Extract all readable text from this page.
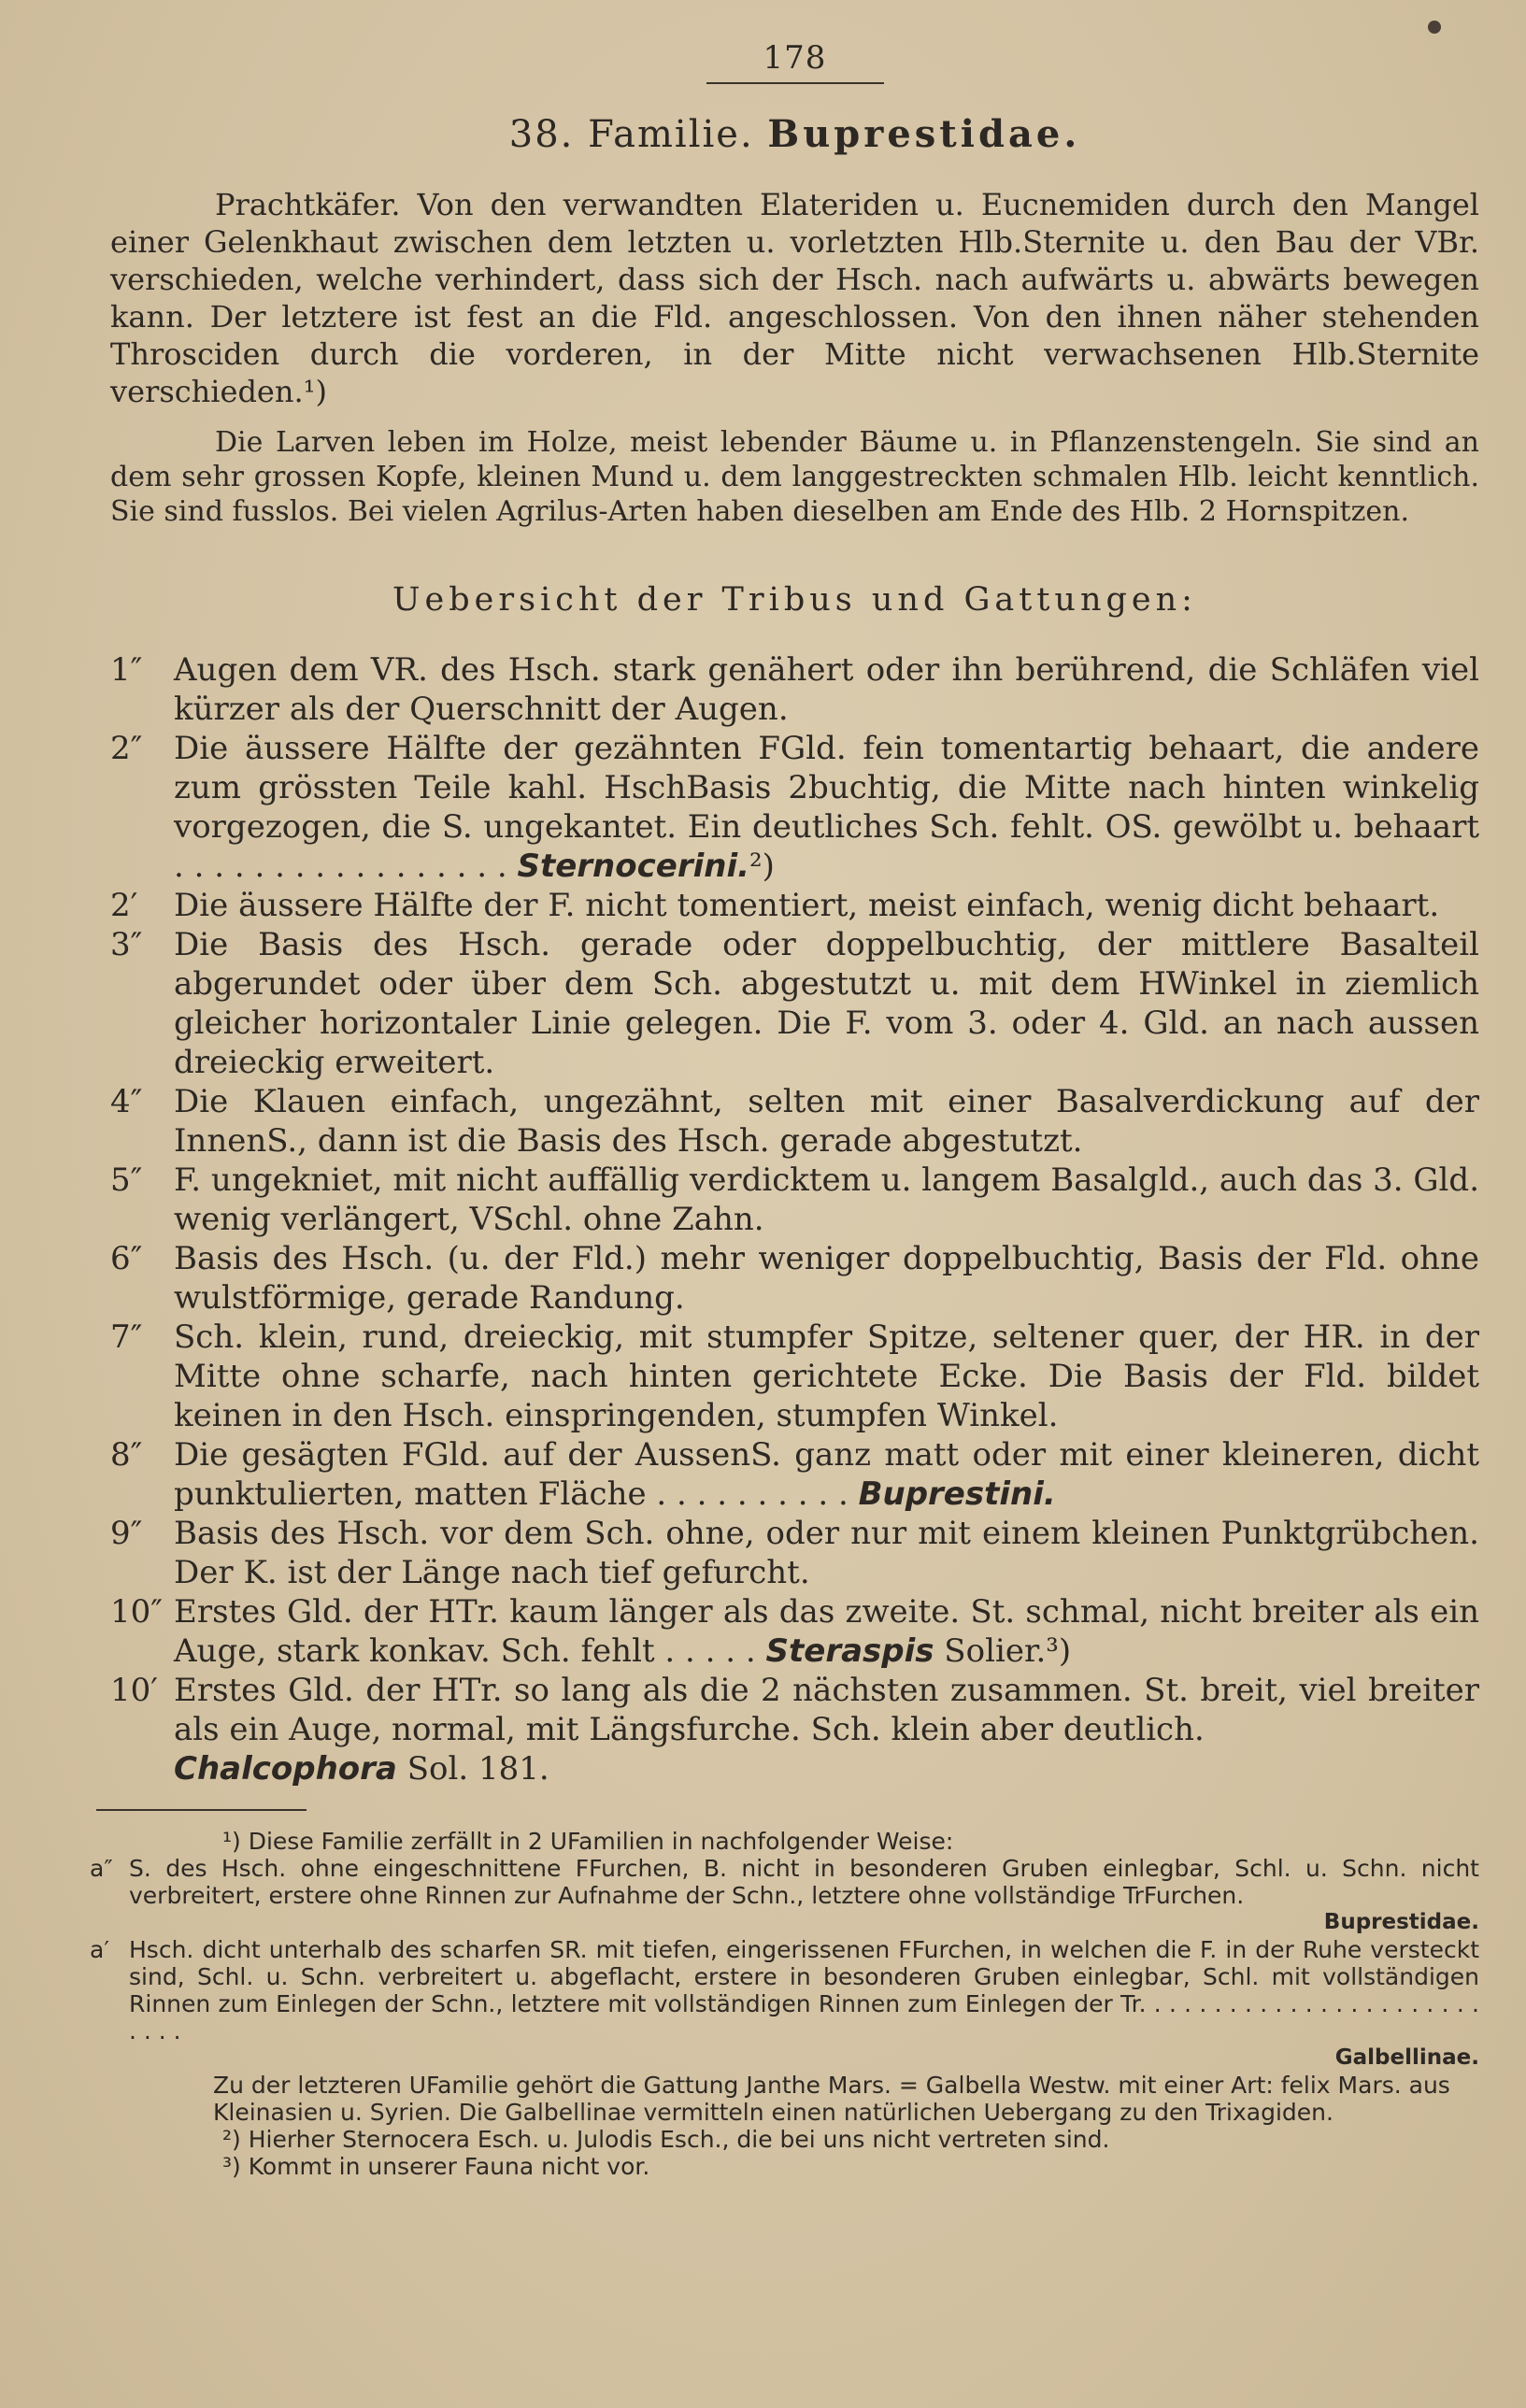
178
38. Familie. Buprestidae.

Prachtkäfer. Von den verwandten Elateriden u. Eucnemiden durch den Mangel einer Gelenkhaut zwischen dem letzten u. vorletzten Hlb.Sternite u. den Bau der VBr. verschieden, welche verhindert, dass sich der Hsch. nach aufwärts u. abwärts bewegen kann. Der letztere ist fest an die Fld. angeschlossen. Von den ihnen näher stehenden Throsciden durch die vorderen, in der Mitte nicht verwachsenen Hlb.Sternite verschieden.¹)

Die Larven leben im Holze, meist lebender Bäume u. in Pflanzenstengeln. Sie sind an dem sehr grossen Kopfe, kleinen Mund u. dem langgestreckten schmalen Hlb. leicht kenntlich. Sie sind fusslos. Bei vielen Agrilus-Arten haben dieselben am Ende des Hlb. 2 Hornspitzen.

Uebersicht der Tribus und Gattungen:
1″ Augen dem VR. des Hsch. stark genähert oder ihn berührend, die Schläfen viel kürzer als der Querschnitt der Augen.
2″ Die äussere Hälfte der gezähnten FGld. fein tomentartig behaart, die andere zum grössten Teile kahl. HschBasis 2buchtig, die Mitte nach hinten winkelig vorgezogen, die S. ungekantet. Ein deutliches Sch. fehlt. OS. gewölbt u. behaart . . . . . . . . . . . . . . . . . Sternocerini.²)
2′	Die äussere Hälfte der F. nicht tomentiert, meist einfach, wenig dicht behaart.
3″ Die Basis des Hsch. gerade oder doppelbuchtig, der mittlere Basalteil abgerundet oder über dem Sch. abgestutzt u. mit dem HWinkel in ziemlich gleicher horizontaler Linie gelegen. Die F. vom 3. oder 4. Gld. an nach aussen dreieckig erweitert.
4″ Die Klauen einfach, ungezähnt, selten mit einer Basalverdickung auf der InnenS., dann ist die Basis des Hsch. gerade abgestutzt.
5″ F. ungekniet, mit nicht auffällig verdicktem u. langem Basalgld., auch das 3. Gld. wenig verlängert, VSchl. ohne Zahn.
6″ Basis des Hsch. (u. der Fld.) mehr weniger doppelbuchtig, Basis der Fld. ohne wulstförmige, gerade Randung.
7″ Sch. klein, rund, dreieckig, mit stumpfer Spitze, seltener quer, der HR. in der Mitte ohne scharfe, nach hinten gerichtete Ecke. Die Basis der Fld. bildet keinen in den Hsch. einspringenden, stumpfen Winkel.
8″ Die gesägten FGld. auf der AussenS. ganz matt oder mit einer kleineren, dicht punktulierten, matten Fläche . . . . . . . . . . Buprestini.
9″ Basis des Hsch. vor dem Sch. ohne, oder nur mit einem kleinen Punktgrübchen. Der K. ist der Länge nach tief gefurcht.
10″ Erstes Gld. der HTr. kaum länger als das zweite. St. schmal, nicht breiter als ein Auge, stark konkav. Sch. fehlt . . . . . Steraspis Solier.³)
10′ Erstes Gld. der HTr. so lang als die 2 nächsten zusammen. St. breit, viel breiter als ein Auge, normal, mit Längsfurche. Sch. klein aber deutlich.
Chalcophora Sol. 181.
¹) Diese Familie zerfällt in 2 UFamilien in nachfolgender Weise:
a″ S. des Hsch. ohne eingeschnittene FFurchen, B. nicht in besonderen Gruben einlegbar, Schl. u. Schn. nicht verbreitert, erstere ohne Rinnen zur Aufnahme der Schn., letztere ohne vollständige TrFurchen.
Buprestidae.
a′ Hsch. dicht unterhalb des scharfen SR. mit tiefen, eingerissenen FFurchen, in welchen die F. in der Ruhe versteckt sind, Schl. u. Schn. verbreitert u. abgeflacht, erstere in besonderen Gruben einlegbar, Schl. mit vollständigen Rinnen zum Einlegen der Schn., letztere mit vollständigen Rinnen zum Einlegen der Tr. . . . . . . . . . . . . . . . . . . . . . . . . . .
Galbellinae.
Zu der letzteren UFamilie gehört die Gattung Janthe Mars. = Galbella Westw. mit einer Art: felix Mars. aus Kleinasien u. Syrien. Die Galbellinae vermitteln einen natürlichen Uebergang zu den Trixagiden.
²) Hierher Sternocera Esch. u. Julodis Esch., die bei uns nicht vertreten sind.
³) Kommt in unserer Fauna nicht vor.
